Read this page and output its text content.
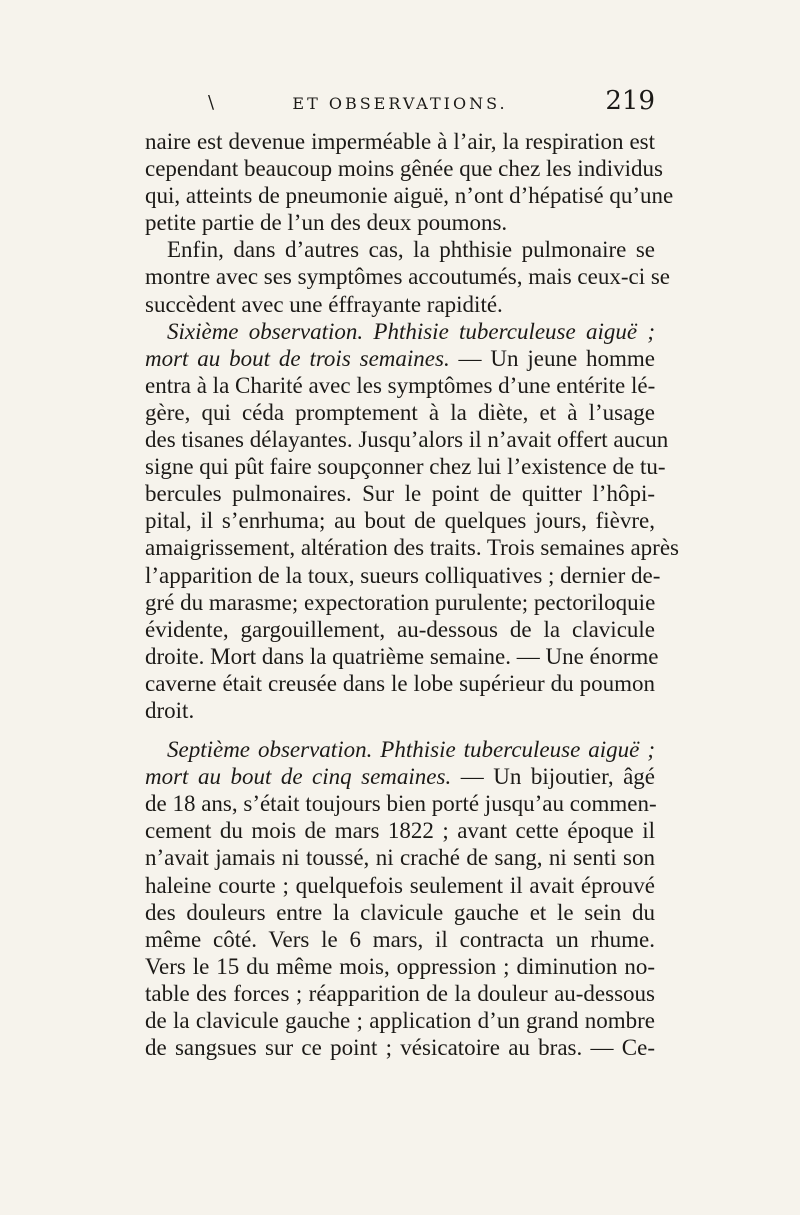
\	ET OBSERVATIONS.	219
naire est devenue imperméable à l’air, la respiration est
cependant beaucoup moins gênée que chez les individus
qui, atteints de pneumonie aiguë, n’ont d’hépatisé qu’une
petite partie de l’un des deux poumons.
Enfin, dans d’autres cas, la phthisie pulmonaire se
montre avec ses symptômes accoutumés, mais ceux-ci se
succèdent avec une éffrayante rapidité.
Sixième observation. Phthisie tuberculeuse aiguë ;
mort au bout de trois semaines. — Un jeune homme
entra à la Charité avec les symptômes d’une entérite lé-
gère, qui céda promptement à la diète, et à l’usage
des tisanes délayantes. Jusqu’alors il n’avait offert aucun
signe qui pût faire soupçonner chez lui l’existence de tu-
bercules pulmonaires. Sur le point de quitter l’hôpi-
pital, il s’enrhuma; au bout de quelques jours, fièvre,
amaigrissement, altération des traits. Trois semaines après
l’apparition de la toux, sueurs colliquatives ; dernier de-
gré du marasme; expectoration purulente; pectoriloquie
évidente, gargouillement, au-dessous de la clavicule
droite. Mort dans la quatrième semaine. — Une énorme
caverne était creusée dans le lobe supérieur du poumon
droit.
Septième observation. Phthisie tuberculeuse aiguë ;
mort au bout de cinq semaines. — Un bijoutier, âgé
de 18 ans, s’était toujours bien porté jusqu’au commen-
cement du mois de mars 1822 ; avant cette époque il
n’avait jamais ni toussé, ni craché de sang, ni senti son
haleine courte ; quelquefois seulement il avait éprouvé
des douleurs entre la clavicule gauche et le sein du
même côté. Vers le 6 mars, il contracta un rhume.
Vers le 15 du même mois, oppression ; diminution no-
table des forces ; réapparition de la douleur au-dessous
de la clavicule gauche ; application d’un grand nombre
de sangsues sur ce point ; vésicatoire au bras. — Ce-
